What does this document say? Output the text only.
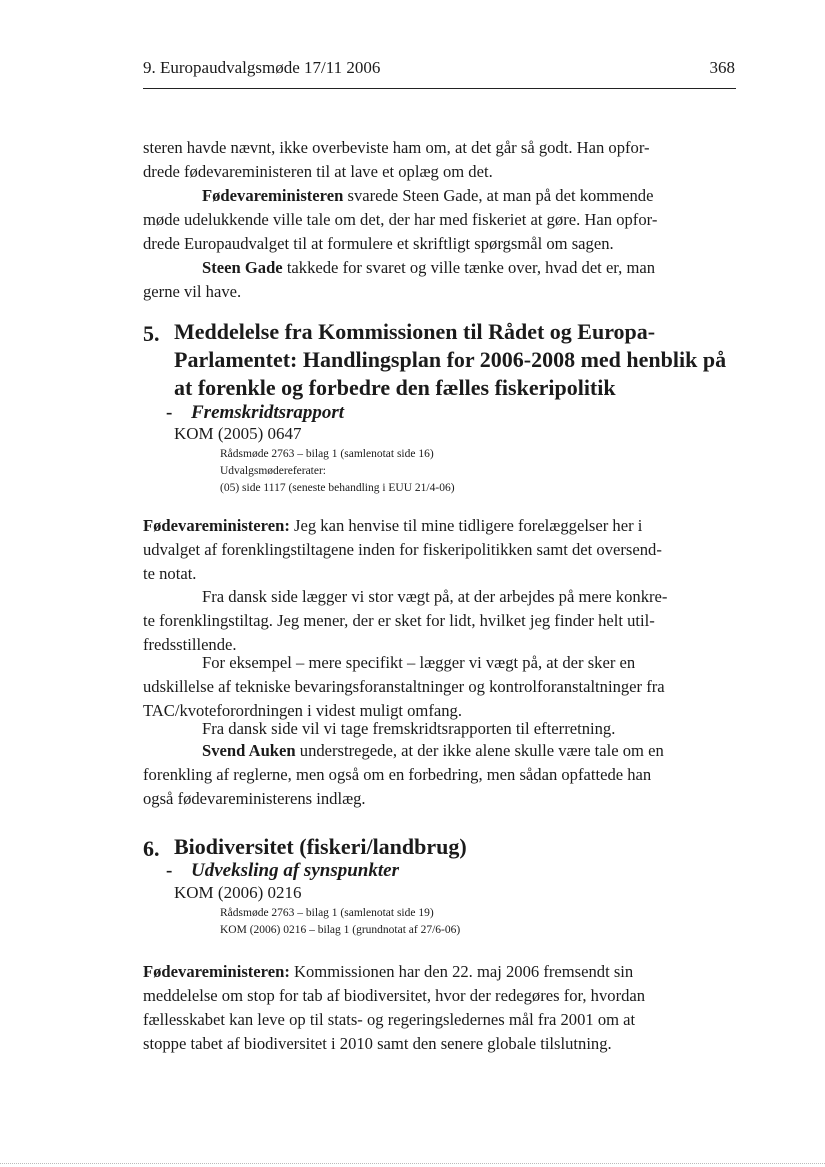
9. Europaudvalgsmøde 17/11 2006	368
steren havde nævnt, ikke overbeviste ham om, at det går så godt. Han opfor-
drede fødevareministeren til at lave et oplæg om det.
Fødevareministeren svarede Steen Gade, at man på det kommende
møde udelukkende ville tale om det, der har med fiskeriet at gøre. Han opfor-
drede Europaudvalget til at formulere et skriftligt spørgsmål om sagen.
Steen Gade takkede for svaret og ville tænke over, hvad det er, man
gerne vil have.
5. Meddelelse fra Kommissionen til Rådet og Europa-
Parlamentet: Handlingsplan for 2006-2008 med henblik på
at forenkle og forbedre den fælles fiskeripolitik
- Fremskridtsrapport
KOM (2005) 0647
Rådsmøde 2763 – bilag 1 (samlenotat side 16)
Udvalgsmødereferater:
(05) side 1117 (seneste behandling i EUU 21/4-06)
Fødevareministeren: Jeg kan henvise til mine tidligere forelæggelser her i
udvalget af forenklingstiltagene inden for fiskeripolitikken samt det oversend-
te notat.
Fra dansk side lægger vi stor vægt på, at der arbejdes på mere konkre-
te forenklingstiltag. Jeg mener, der er sket for lidt, hvilket jeg finder helt util-
fredsstillende.
For eksempel – mere specifikt – lægger vi vægt på, at der sker en
udskillelse af tekniske bevaringsforanstaltninger og kontrolforanstaltninger fra
TAC/kvoteforordningen i videst muligt omfang.
Fra dansk side vil vi tage fremskridtsrapporten til efterretning.
Svend Auken understregede, at der ikke alene skulle være tale om en
forenkling af reglerne, men også om en forbedring, men sådan opfattede han
også fødevareministerens indlæg.
6. Biodiversitet (fiskeri/landbrug)
- Udveksling af synspunkter
KOM (2006) 0216
Rådsmøde 2763 – bilag 1 (samlenotat side 19)
KOM (2006) 0216 – bilag 1 (grundnotat af 27/6-06)
Fødevareministeren: Kommissionen har den 22. maj 2006 fremsendt sin
meddelelse om stop for tab af biodiversitet, hvor der redegøres for, hvordan
fællesskabet kan leve op til stats- og regeringsledernes mål fra 2001 om at
stoppe tabet af biodiversitet i 2010 samt den senere globale tilslutning.
